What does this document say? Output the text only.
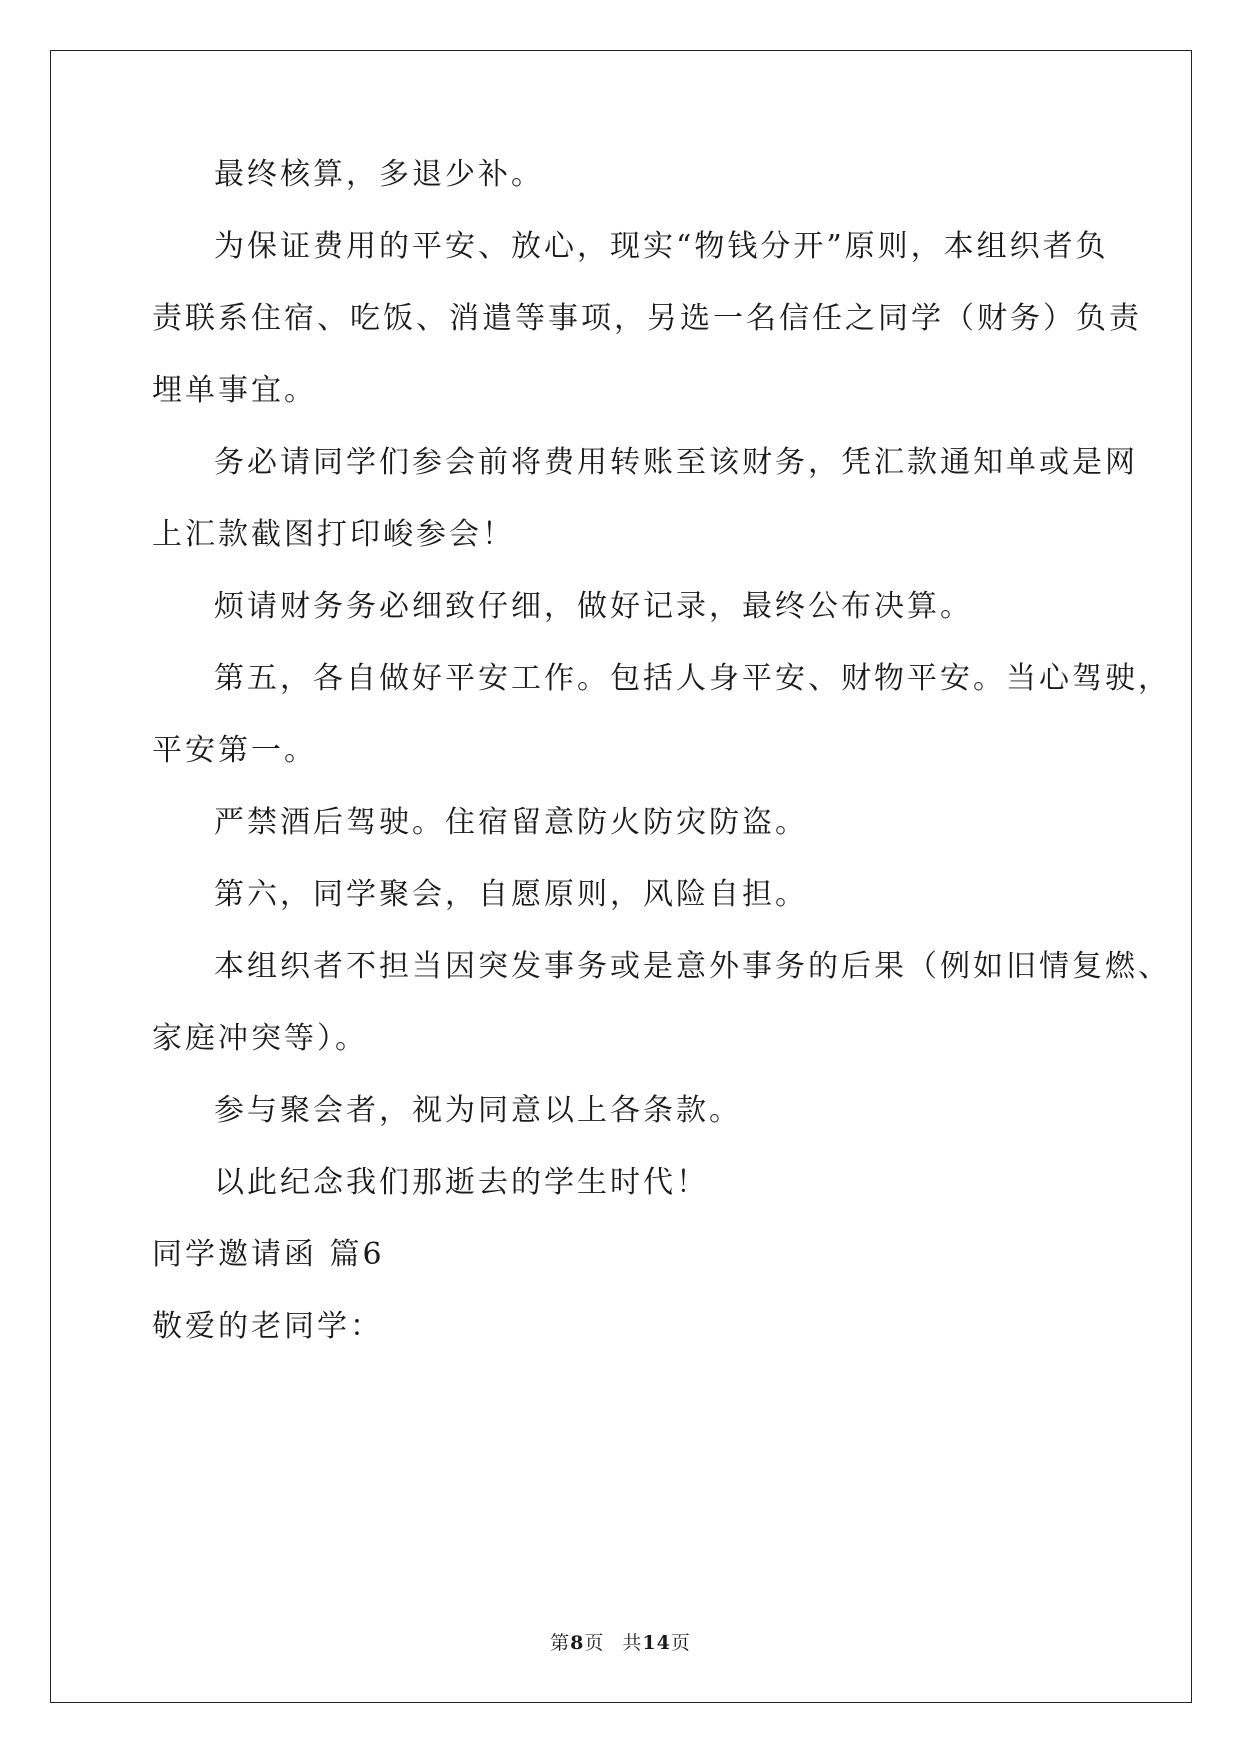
最终核算，多退少补。
为保证费用的平安、放心，现实“物钱分开”原则，本组织者负
责联系住宿、吃饭、消遣等事项，另选一名信任之同学（财务）负责
埋单事宜。
务必请同学们参会前将费用转账至该财务，凭汇款通知单或是网
上汇款截图打印峻参会！
烦请财务务必细致仔细，做好记录，最终公布决算。
第五，各自做好平安工作。包括人身平安、财物平安。当心驾驶，
平安第一。
严禁酒后驾驶。住宿留意防火防灾防盗。
第六，同学聚会，自愿原则，风险自担。
本组织者不担当因突发事务或是意外事务的后果（例如旧情复燃、
家庭冲突等）。
参与聚会者，视为同意以上各条款。
以此纪念我们那逝去的学生时代！
同学邀请函 篇6
敬爱的老同学：
第8页 共14页
